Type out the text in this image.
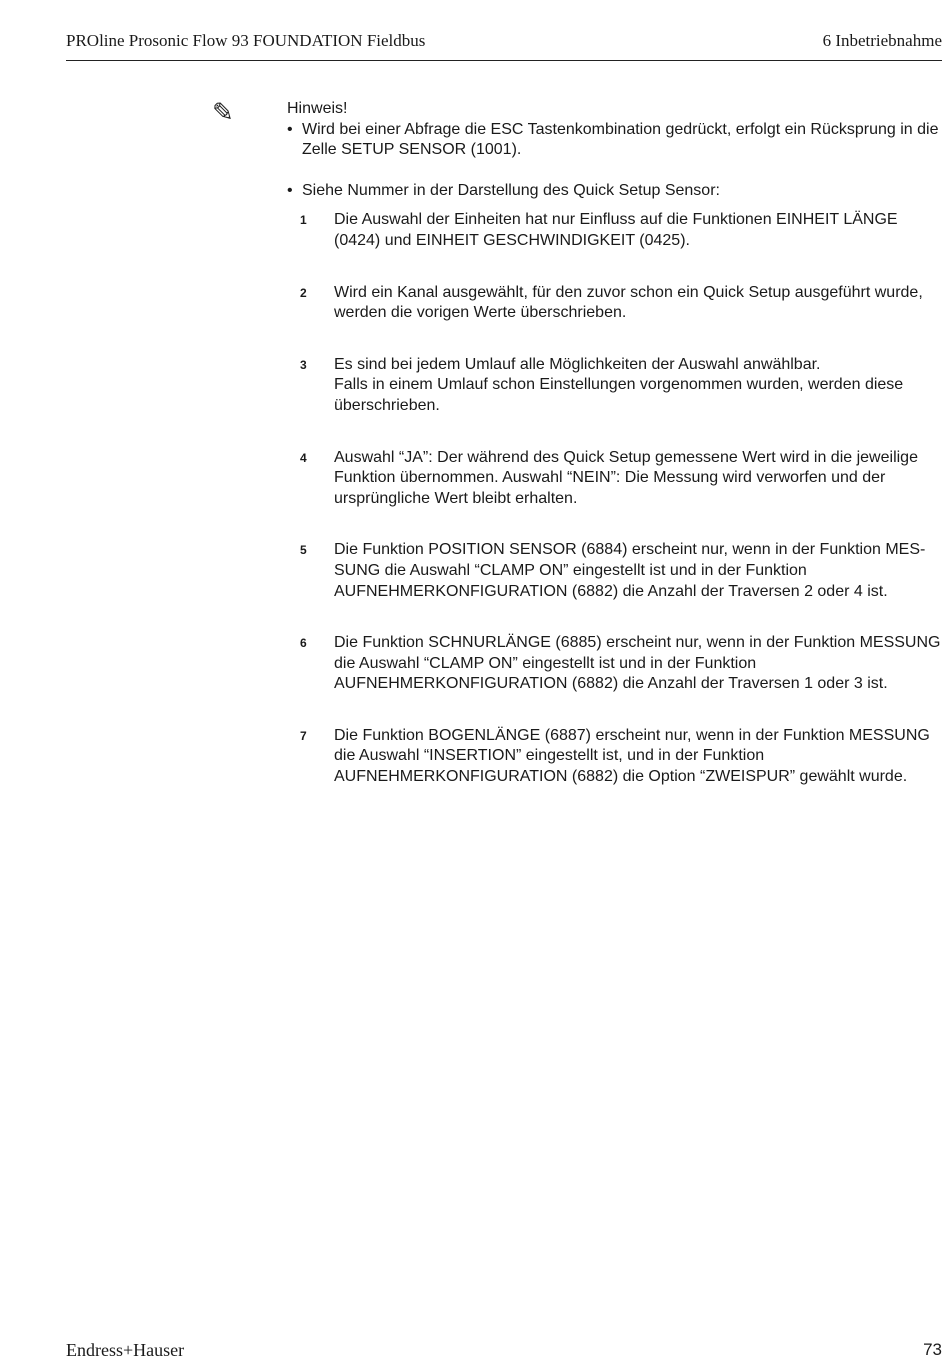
PROline Prosonic Flow 93 FOUNDATION Fieldbus	6 Inbetriebnahme
✎	Hinweis!

• Wird bei einer Abfrage die ESC Tastenkombination gedrückt, erfolgt ein Rücksprung in die Zelle SETUP SENSOR (1001).

• Siehe Nummer in der Darstellung des Quick Setup Sensor:

1 Die Auswahl der Einheiten hat nur Einfluss auf die Funktionen EINHEIT LÄNGE (0424) und EINHEIT GESCHWINDIGKEIT (0425).
2 Wird ein Kanal ausgewählt, für den zuvor schon ein Quick Setup ausgeführt wurde, werden die vorigen Werte überschrieben.
3 Es sind bei jedem Umlauf alle Möglichkeiten der Auswahl anwählbar.
Falls in einem Umlauf schon Einstellungen vorgenommen wurden, werden diese überschrieben.
4 Auswahl “JA”: Der während des Quick Setup gemessene Wert wird in die jeweilige Funktion übernommen. Auswahl “NEIN”: Die Messung wird verworfen und der ursprüngliche Wert bleibt erhalten.
5 Die Funktion POSITION SENSOR (6884) erscheint nur, wenn in der Funktion MES-SUNG die Auswahl “CLAMP ON” eingestellt ist und in der Funktion AUFNEHMERKONFIGURATION (6882) die Anzahl der Traversen 2 oder 4 ist.
6 Die Funktion SCHNURLÄNGE (6885) erscheint nur, wenn in der Funktion MESSUNG die Auswahl “CLAMP ON” eingestellt ist und in der Funktion AUFNEHMERKONFIGURATION (6882) die Anzahl der Traversen 1 oder 3 ist.
7 Die Funktion BOGENLÄNGE (6887) erscheint nur, wenn in der Funktion MESSUNG die Auswahl “INSERTION” eingestellt ist, und in der Funktion AUFNEHMERKONFIGURATION (6882) die Option “ZWEISPUR” gewählt wurde.
Endress+Hauser	73
